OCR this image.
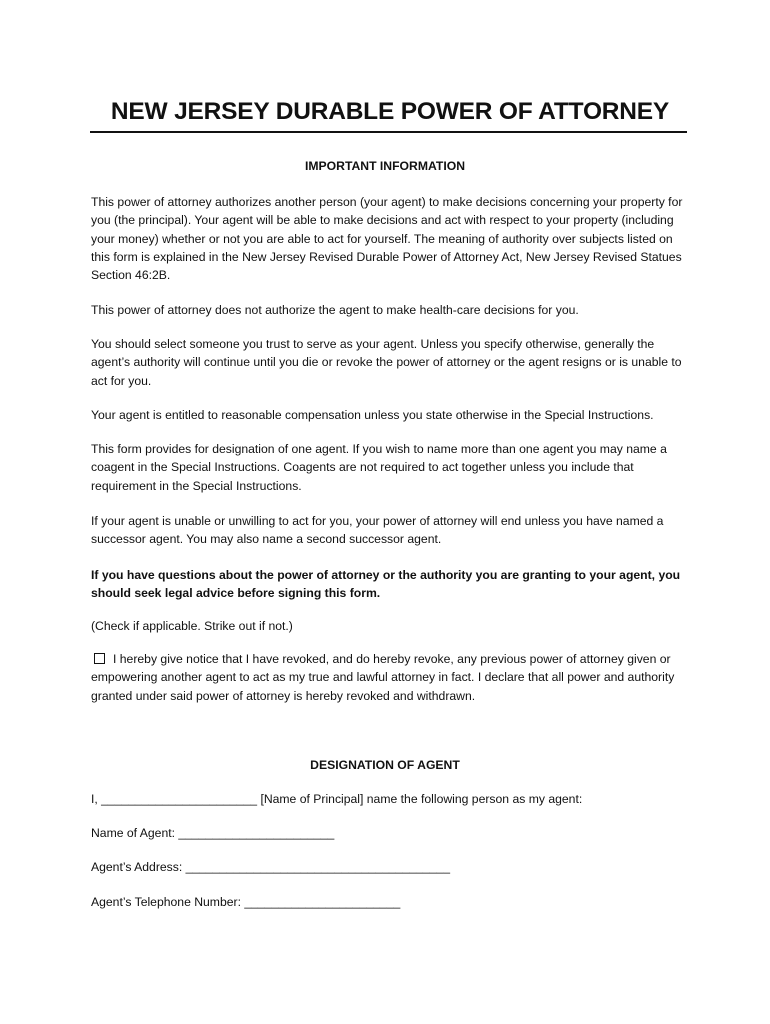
NEW JERSEY DURABLE POWER OF ATTORNEY
IMPORTANT INFORMATION

This power of attorney authorizes another person (your agent) to make decisions concerning your property for you (the principal). Your agent will be able to make decisions and act with respect to your property (including your money) whether or not you are able to act for yourself. The meaning of authority over subjects listed on this form is explained in the New Jersey Revised Durable Power of Attorney Act, New Jersey Revised Statues Section 46:2B.

This power of attorney does not authorize the agent to make health-care decisions for you.

You should select someone you trust to serve as your agent. Unless you specify otherwise, generally the agent’s authority will continue until you die or revoke the power of attorney or the agent resigns or is unable to act for you.

Your agent is entitled to reasonable compensation unless you state otherwise in the Special Instructions.

This form provides for designation of one agent. If you wish to name more than one agent you may name a coagent in the Special Instructions. Coagents are not required to act together unless you include that requirement in the Special Instructions.

If your agent is unable or unwilling to act for you, your power of attorney will end unless you have named a successor agent. You may also name a second successor agent.

If you have questions about the power of attorney or the authority you are granting to your agent, you should seek legal advice before signing this form.

(Check if applicable. Strike out if not.)

I hereby give notice that I have revoked, and do hereby revoke, any previous power of attorney given or empowering another agent to act as my true and lawful attorney in fact. I declare that all power and authority granted under said power of attorney is hereby revoked and withdrawn.

DESIGNATION OF AGENT

I, _______________________ [Name of Principal] name the following person as my agent:

Name of Agent: _______________________

Agent’s Address: _______________________________________

Agent’s Telephone Number: _______________________
